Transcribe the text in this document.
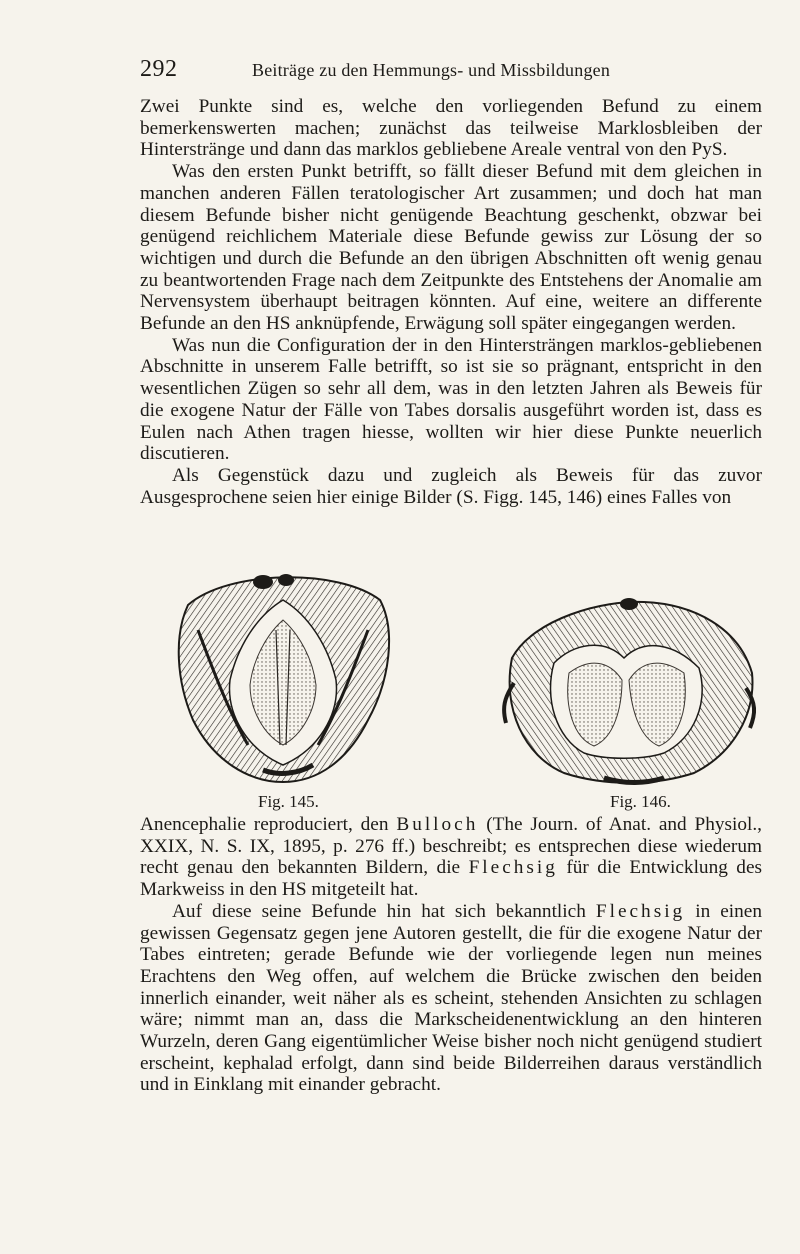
292	Beiträge zu den Hemmungs- und Missbildungen

Zwei Punkte sind es, welche den vorliegenden Befund zu einem bemerkenswerten machen; zunächst das teilweise Marklosbleiben der Hinterstränge und dann das marklos gebliebene Areale ventral von den PyS.

Was den ersten Punkt betrifft, so fällt dieser Befund mit dem gleichen in manchen anderen Fällen teratologischer Art zusammen; und doch hat man diesem Befunde bisher nicht genügende Beachtung geschenkt, obzwar bei genügend reichlichem Materiale diese Befunde gewiss zur Lösung der so wichtigen und durch die Befunde an den übrigen Abschnitten oft wenig genau zu beantwortenden Frage nach dem Zeitpunkte des Entstehens der Anomalie am Nervensystem überhaupt beitragen könnten. Auf eine, weitere an differente Befunde an den HS anknüpfende, Erwägung soll später eingegangen werden.

Was nun die Configuration der in den Hintersträngen marklos-gebliebenen Abschnitte in unserem Falle betrifft, so ist sie so prägnant, entspricht in den wesentlichen Zügen so sehr all dem, was in den letzten Jahren als Beweis für die exogene Natur der Fälle von Tabes dorsalis ausgeführt worden ist, dass es Eulen nach Athen tragen hiesse, wollten wir hier diese Punkte neuerlich discutieren.

Als Gegenstück dazu und zugleich als Beweis für das zuvor Ausgesprochene seien hier einige Bilder (S. Figg. 145, 146) eines Falles von

Fig. 145.	Fig. 146.

Anencephalie reproduciert, den Bulloch (The Journ. of Anat. and Physiol., XXIX, N. S. IX, 1895, p. 276 ff.) beschreibt; es entsprechen diese wiederum recht genau den bekannten Bildern, die Flechsig für die Entwicklung des Markweiss in den HS mitgeteilt hat.

Auf diese seine Befunde hin hat sich bekanntlich Flechsig in einen gewissen Gegensatz gegen jene Autoren gestellt, die für die exogene Natur der Tabes eintreten; gerade Befunde wie der vorliegende legen nun meines Erachtens den Weg offen, auf welchem die Brücke zwischen den beiden innerlich einander, weit näher als es scheint, stehenden Ansichten zu schlagen wäre; nimmt man an, dass die Markscheidenentwicklung an den hinteren Wurzeln, deren Gang eigentümlicher Weise bisher noch nicht genügend studiert erscheint, kephalad erfolgt, dann sind beide Bilderreihen daraus verständlich und in Einklang mit einander gebracht.
